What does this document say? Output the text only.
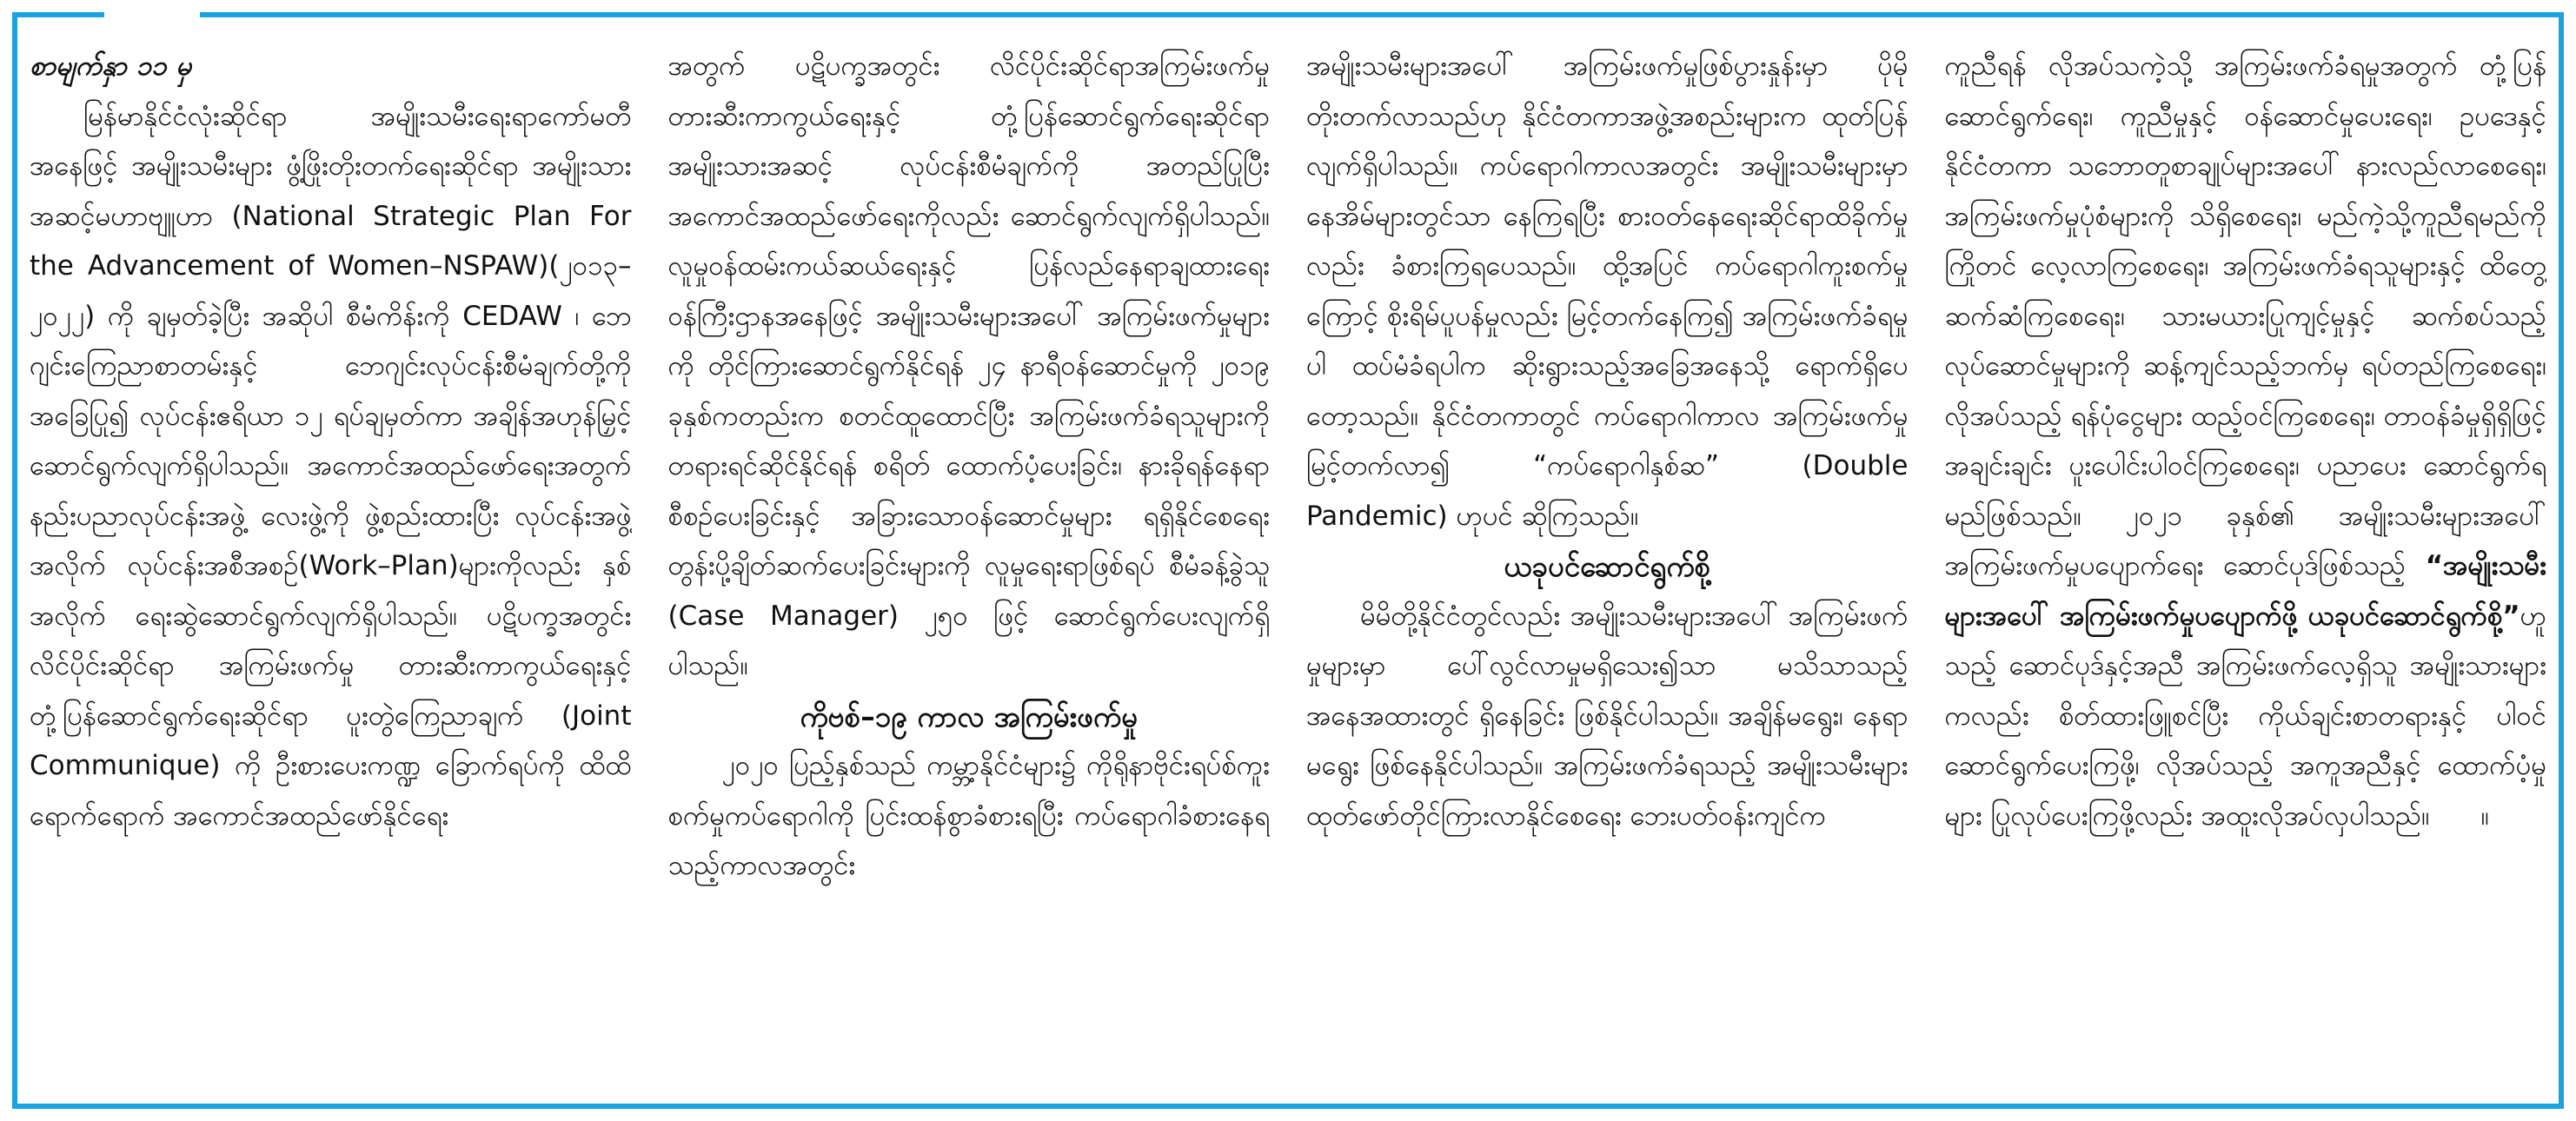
စာမျက်နှာ ၁၁ မှ

မြန်မာနိုင်ငံလုံးဆိုင်ရာ အမျိုးသမီးရေးရာကော်မတီအနေဖြင့် အမျိုးသမီးများ ဖွံ့ဖြိုးတိုးတက်ရေးဆိုင်ရာ အမျိုးသားအဆင့်မဟာဗျူဟာ (National Strategic Plan For the Advancement of Women–NSPAW)(၂၀၁၃–၂၀၂၂) ကို ချမှတ်ခဲ့ပြီး အဆိုပါ စီမံကိန်းကို CEDAW ၊ ဘေဂျင်းကြေညာစာတမ်းနှင့် ဘေဂျင်းလုပ်ငန်းစီမံချက်တို့ကို အခြေပြု၍ လုပ်ငန်းဧရိယာ ၁၂ ရပ်ချမှတ်ကာ အချိန်အဟုန်မြှင့် ဆောင်ရွက်လျက်ရှိပါသည်။ အကောင်အထည်ဖော်ရေးအတွက် နည်းပညာလုပ်ငန်းအဖွဲ့ လေးဖွဲ့ကို ဖွဲ့စည်းထားပြီး လုပ်ငန်းအဖွဲ့အလိုက် လုပ်ငန်းအစီအစဉ်(Work–Plan)များကိုလည်း နှစ်အလိုက် ရေးဆွဲဆောင်ရွက်လျက်ရှိပါသည်။ ပဋိပက္ခအတွင်း လိင်ပိုင်းဆိုင်ရာ အကြမ်းဖက်မှု တားဆီးကာကွယ်ရေးနှင့် တုံ့ပြန်ဆောင်ရွက်ရေးဆိုင်ရာ ပူးတွဲကြေညာချက် (Joint Communique) ကို ဦးစားပေးကဏ္ဍ ခြောက်ရပ်ကို ထိထိရောက်ရောက် အကောင်အထည်ဖော်နိုင်ရေး

အတွက် ပဋိပက္ခအတွင်း လိင်ပိုင်းဆိုင်ရာအကြမ်းဖက်မှု တားဆီးကာကွယ်ရေးနှင့် တုံ့ပြန်ဆောင်ရွက်ရေးဆိုင်ရာ အမျိုးသားအဆင့် လုပ်ငန်းစီမံချက်ကို အတည်ပြုပြီး အကောင်အထည်ဖော်ရေးကိုလည်း ဆောင်ရွက်လျက်ရှိပါသည်။ လူမှုဝန်ထမ်းကယ်ဆယ်ရေးနှင့် ပြန်လည်နေရာချထားရေးဝန်ကြီးဌာနအနေဖြင့် အမျိုးသမီးများအပေါ် အကြမ်းဖက်မှုများကို တိုင်ကြားဆောင်ရွက်နိုင်ရန် ၂၄ နာရီဝန်ဆောင်မှုကို ၂၀၁၉ ခုနှစ်ကတည်းက စတင်ထူထောင်ပြီး အကြမ်းဖက်ခံရသူများကို တရားရင်ဆိုင်နိုင်ရန် စရိတ် ထောက်ပံ့ပေးခြင်း၊ နားခိုရန်နေရာစီစဉ်ပေးခြင်းနှင့် အခြားသောဝန်ဆောင်မှုများ ရရှိနိုင်စေရေး တွန်းပို့ချိတ်ဆက်ပေးခြင်းများကို လူမှုရေးရာဖြစ်ရပ် စီမံခန့်ခွဲသူ (Case Manager) ၂၅၀ ဖြင့် ဆောင်ရွက်ပေးလျက်ရှိပါသည်။

ကိုဗစ်–၁၉ ကာလ အကြမ်းဖက်မှု

၂၀၂၀ ပြည့်နှစ်သည် ကမ္ဘာ့နိုင်ငံများ၌ ကိုရိုနာဗိုင်းရပ်စ်ကူးစက်မှုကပ်ရောဂါကို ပြင်းထန်စွာခံစားရပြီး ကပ်ရောဂါခံစားနေရသည့်ကာလအတွင်း

အမျိုးသမီးများအပေါ် အကြမ်းဖက်မှုဖြစ်ပွားနှုန်းမှာ ပိုမိုတိုးတက်လာသည်ဟု နိုင်ငံတကာအဖွဲ့အစည်းများက ထုတ်ပြန်လျက်ရှိပါသည်။ ကပ်ရောဂါကာလအတွင်း အမျိုးသမီးများမှာ နေအိမ်များတွင်သာ နေကြရပြီး စားဝတ်နေရေးဆိုင်ရာထိခိုက်မှုလည်း ခံစားကြရပေသည်။ ထို့အပြင် ကပ်ရောဂါကူးစက်မှုကြောင့် စိုးရိမ်ပူပန်မှုလည်း မြင့်တက်နေကြ၍ အကြမ်းဖက်ခံရမှုပါ ထပ်မံခံရပါက ဆိုးရွားသည့်အခြေအနေသို့ ရောက်ရှိပေတော့သည်။ နိုင်ငံတကာတွင် ကပ်ရောဂါကာလ အကြမ်းဖက်မှုမြင့်တက်လာ၍ “ကပ်ရောဂါနှစ်ဆ” (Double Pandemic) ဟုပင် ဆိုကြသည်။

ယခုပင်ဆောင်ရွက်စို့

မိမိတို့နိုင်ငံတွင်လည်း အမျိုးသမီးများအပေါ် အကြမ်းဖက်မှုများမှာ ပေါ်လွင်လာမှုမရှိသေး၍သာ မသိသာသည့်အနေအထားတွင် ရှိနေခြင်း ဖြစ်နိုင်ပါသည်။ အချိန်မရွေး၊ နေရာမရွေး ဖြစ်နေနိုင်ပါသည်။ အကြမ်းဖက်ခံရသည့် အမျိုးသမီးများ ထုတ်ဖော်တိုင်ကြားလာနိုင်စေရေး ဘေးပတ်ဝန်းကျင်က

ကူညီရန် လိုအပ်သကဲ့သို့ အကြမ်းဖက်ခံရမှုအတွက် တုံ့ပြန်ဆောင်ရွက်ရေး၊ ကူညီမှုနှင့် ဝန်ဆောင်မှုပေးရေး၊ ဥပဒေနှင့်နိုင်ငံတကာ သဘောတူစာချုပ်များအပေါ် နားလည်လာစေရေး၊ အကြမ်းဖက်မှုပုံစံများကို သိရှိစေရေး၊ မည်ကဲ့သို့ကူညီရမည်ကို ကြိုတင် လေ့လာကြစေရေး၊ အကြမ်းဖက်ခံရသူများနှင့် ထိတွေ့ဆက်ဆံကြစေရေး၊ သားမယားပြုကျင့်မှုနှင့် ဆက်စပ်သည့်လုပ်ဆောင်မှုများကို ဆန့်ကျင်သည့်ဘက်မှ ရပ်တည်ကြစေရေး၊ လိုအပ်သည့် ရန်ပုံငွေများ ထည့်ဝင်ကြစေရေး၊ တာဝန်ခံမှုရှိရှိဖြင့် အချင်းချင်း ပူးပေါင်းပါဝင်ကြစေရေး၊ ပညာပေး ဆောင်ရွက်ရမည်ဖြစ်သည်။ ၂၀၂၁ ခုနှစ်၏ အမျိုးသမီးများအပေါ် အကြမ်းဖက်မှုပပျောက်ရေး ဆောင်ပုဒ်ဖြစ်သည့် “အမျိုးသမီးများအပေါ် အကြမ်းဖက်မှုပပျောက်ဖို့ ယခုပင်ဆောင်ရွက်စို့”ဟူသည့် ဆောင်ပုဒ်နှင့်အညီ အကြမ်းဖက်လေ့ရှိသူ အမျိုးသားများကလည်း စိတ်ထားဖြူစင်ပြီး ကိုယ်ချင်းစာတရားနှင့် ပါဝင်ဆောင်ရွက်ပေးကြဖို့၊ လိုအပ်သည့် အကူအညီနှင့် ထောက်ပံ့မှုများ ပြုလုပ်ပေးကြဖို့လည်း အထူးလိုအပ်လှပါသည်။ ။
